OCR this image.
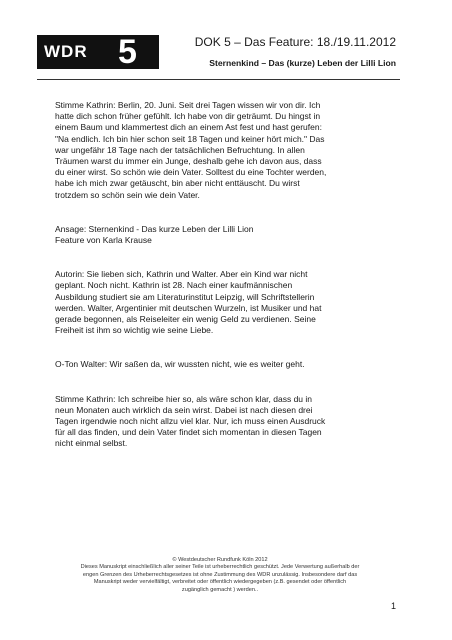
WDR 5	DOK 5 – Das Feature: 18./19.11.2012
Sternenkind – Das (kurze) Leben der Lilli Lion
Stimme Kathrin: Berlin, 20. Juni. Seit drei Tagen wissen wir von dir. Ich
hatte dich schon früher gefühlt. Ich habe von dir geträumt. Du hingst in
einem Baum und klammertest dich an einem Ast fest und hast gerufen:
"Na endlich. Ich bin hier schon seit 18 Tagen und keiner hört mich." Das
war ungefähr 18 Tage nach der tatsächlichen Befruchtung. In allen
Träumen warst du immer ein Junge, deshalb gehe ich davon aus, dass
du einer wirst. So schön wie dein Vater. Solltest du eine Tochter werden,
habe ich mich zwar getäuscht, bin aber nicht enttäuscht. Du wirst
trotzdem so schön sein wie dein Vater.
Ansage: Sternenkind - Das kurze Leben der Lilli Lion
Feature von Karla Krause
Autorin: Sie lieben sich, Kathrin und Walter. Aber ein Kind war nicht
geplant. Noch nicht. Kathrin ist 28. Nach einer kaufmännischen
Ausbildung studiert sie am Literaturinstitut Leipzig, will Schriftstellerin
werden. Walter, Argentinier mit deutschen Wurzeln, ist Musiker und hat
gerade begonnen, als Reiseleiter ein wenig Geld zu verdienen. Seine
Freiheit ist ihm so wichtig wie seine Liebe.
O-Ton Walter: Wir saßen da, wir wussten nicht, wie es weiter geht.
Stimme Kathrin: Ich schreibe hier so, als wäre schon klar, dass du in
neun Monaten auch wirklich da sein wirst. Dabei ist nach diesen drei
Tagen irgendwie noch nicht allzu viel klar. Nur, ich muss einen Ausdruck
für all das finden, und dein Vater findet sich momentan in diesen Tagen
nicht einmal selbst.
© Westdeutscher Rundfunk Köln 2012
Dieses Manuskript einschließlich aller seiner Teile ist urheberrechtlich geschützt. Jede Verwertung außerhalb der
engen Grenzen des Urheberrechtsgesetzes ist ohne Zustimmung des WDR unzulässig. Insbesondere darf das
Manuskript weder vervielfältigt, verbreitet oder öffentlich wiedergegeben (z.B. gesendet oder öffentlich
zugänglich gemacht ) werden..
1
